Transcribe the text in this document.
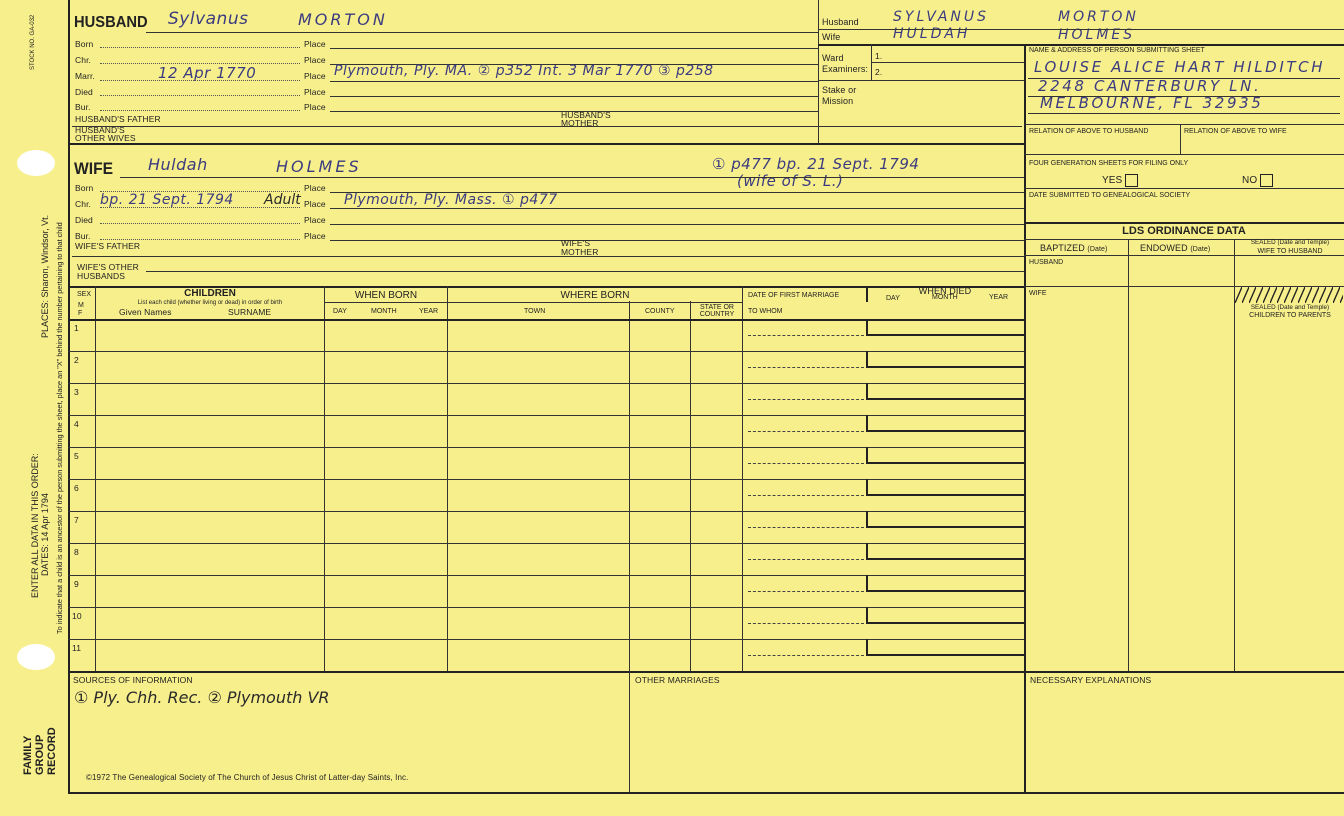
STOCK NO. GA-032
PLACES: Sharon, Windsor, Vt.
ENTER ALL DATA IN THIS ORDER: DATES: 14 Apr 1794 To indicate that a child is an ancestor of the person submitting the sheet, place an "X" behind the number pertaining to that child
FAMILY GROUP RECORD
HUSBAND Sylvanus	MORTON
Born	Place
Chr.	Place
Marr.	12 Apr 1770	Place Plymouth, Ply. MA. ② p352 Int. 3 Mar 1770 ③ p258
Died	Place
Bur.	Place
HUSBAND'S FATHER	HUSBAND'S
MOTHER
HUSBAND'S
OTHER WIVES
Husband SYLVANUS	MORTON
Wife	HULDAH	HOLMES
Ward
Examiners:
1.
2.
Stake or
Mission
NAME & ADDRESS OF PERSON SUBMITTING SHEET
LOUISE ALICE HART HILDITCH
2248 CANTERBURY LN.
MELBOURNE, FL 32935
RELATION OF ABOVE TO HUSBAND	RELATION OF ABOVE TO WIFE
FOUR GENERATION SHEETS FOR FILING ONLY
YES	NO
DATE SUBMITTED TO GENEALOGICAL SOCIETY
LDS ORDINANCE DATA
BAPTIZED (Date)	ENDOWED (Date)
SEALED (Date and Temple)
WIFE TO HUSBAND
HUSBAND
WIFE
SEALED (Date and Temple)
CHILDREN TO PARENTS
WIFE Huldah	HOLMES	① p477 bp. 21 Sept. 1794
(wife of S. L.)
Born	Place
Chr. bp. 21 Sept. 1794 Adult Place Plymouth, Ply. Mass. ① p477
Died	Place
Bur.	Place
WIFE'S FATHER	WIFE'S
MOTHER
WIFE'S OTHER
HUSBANDS
SEX
M F
CHILDREN
List each child (whether living or dead) in order of birth
Given Names	SURNAME
WHEN BORN
DAY	MONTH	YEAR
WHERE BORN
TOWN	COUNTY
STATE OR
COUNTRY
DATE OF FIRST MARRIAGE
TO WHOM
WHEN DIED
DAY	MONTH	YEAR
1
2
3
4
5
6
7
8
9
10
11
SOURCES OF INFORMATION
① Ply. Chh. Rec. ② Plymouth VR
OTHER MARRIAGES	NECESSARY EXPLANATIONS
©1972 The Genealogical Society of The Church of Jesus Christ of Latter-day Saints, Inc.
